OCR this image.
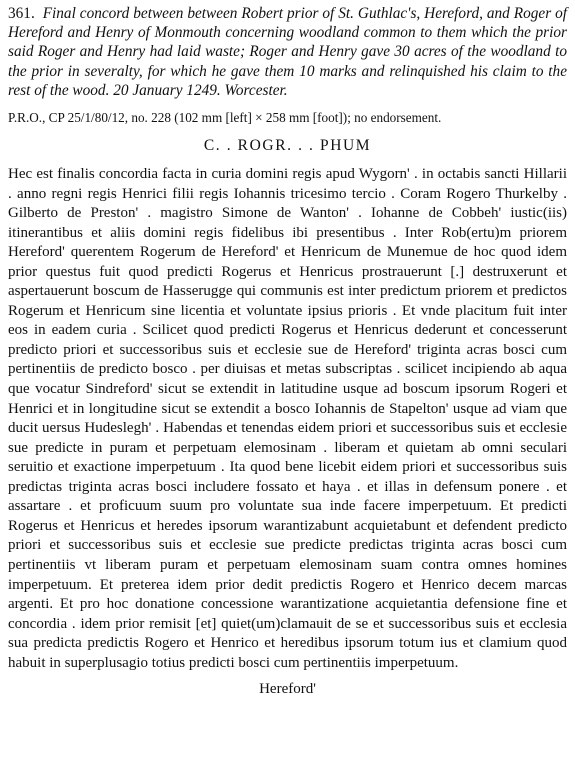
361. Final concord between between Robert prior of St. Guthlac's, Hereford, and Roger of Hereford and Henry of Monmouth concerning woodland common to them which the prior said Roger and Henry had laid waste; Roger and Henry gave 30 acres of the woodland to the prior in severalty, for which he gave them 10 marks and relinquished his claim to the rest of the wood. 20 January 1249. Worcester.

P.R.O., CP 25/1/80/12, no. 228 (102 mm [left] × 258 mm [foot]); no endorsement.

C. . ROGR. . . PHUM

Hec est finalis concordia facta in curia domini regis apud Wygorn' . in octabis sancti Hillarii . anno regni regis Henrici filii regis Iohannis tricesimo tercio . Coram Rogero Thurkelby . Gilberto de Preston' . magistro Simone de Wanton' . Iohanne de Cobbeh' iustic(iis) itinerantibus et aliis domini regis fidelibus ibi presentibus . Inter Rob(ertu)m priorem Hereford' querentem Rogerum de Hereford' et Henricum de Munemue de hoc quod idem prior questus fuit quod predicti Rogerus et Henricus prostrauerunt [.] destruxerunt et aspertauerunt boscum de Hasserugge qui communis est inter predictum priorem et predictos Rogerum et Henricum sine licentia et voluntate ipsius prioris . Et vnde placitum fuit inter eos in eadem curia . Scilicet quod predicti Rogerus et Henricus dederunt et concesserunt predicto priori et successoribus suis et ecclesie sue de Hereford' triginta acras bosci cum pertinentiis de predicto bosco . per diuisas et metas subscriptas . scilicet incipiendo ab aqua que vocatur Sindreford' sicut se extendit in latitudine usque ad boscum ipsorum Rogeri et Henrici et in longitudine sicut se extendit a bosco Iohannis de Stapelton' usque ad viam que ducit uersus Hudeslegh' . Habendas et tenendas eidem priori et successoribus suis et ecclesie sue predicte in puram et perpetuam elemosinam . liberam et quietam ab omni seculari seruitio et exactione imperpetuum . Ita quod bene licebit eidem priori et successoribus suis predictas triginta acras bosci includere fossato et haya . et illas in defensum ponere . et assartare . et proficuum suum pro voluntate sua inde facere imperpetuum. Et predicti Rogerus et Henricus et heredes ipsorum warantizabunt acquietabunt et defendent predicto priori et successoribus suis et ecclesie sue predicte predictas triginta acras bosci cum pertinentiis vt liberam puram et perpetuam elemosinam suam contra omnes homines imperpetuum. Et preterea idem prior dedit predictis Rogero et Henrico decem marcas argenti. Et pro hoc donatione concessione warantizatione acquietantia defensione fine et concordia . idem prior remisit [et] quiet(um)clamauit de se et successoribus suis et ecclesia sua predicta predictis Rogero et Henrico et heredibus ipsorum totum ius et clamium quod habuit in superplusagio totius predicti bosci cum pertinentiis imperpetuum.

Hereford'
